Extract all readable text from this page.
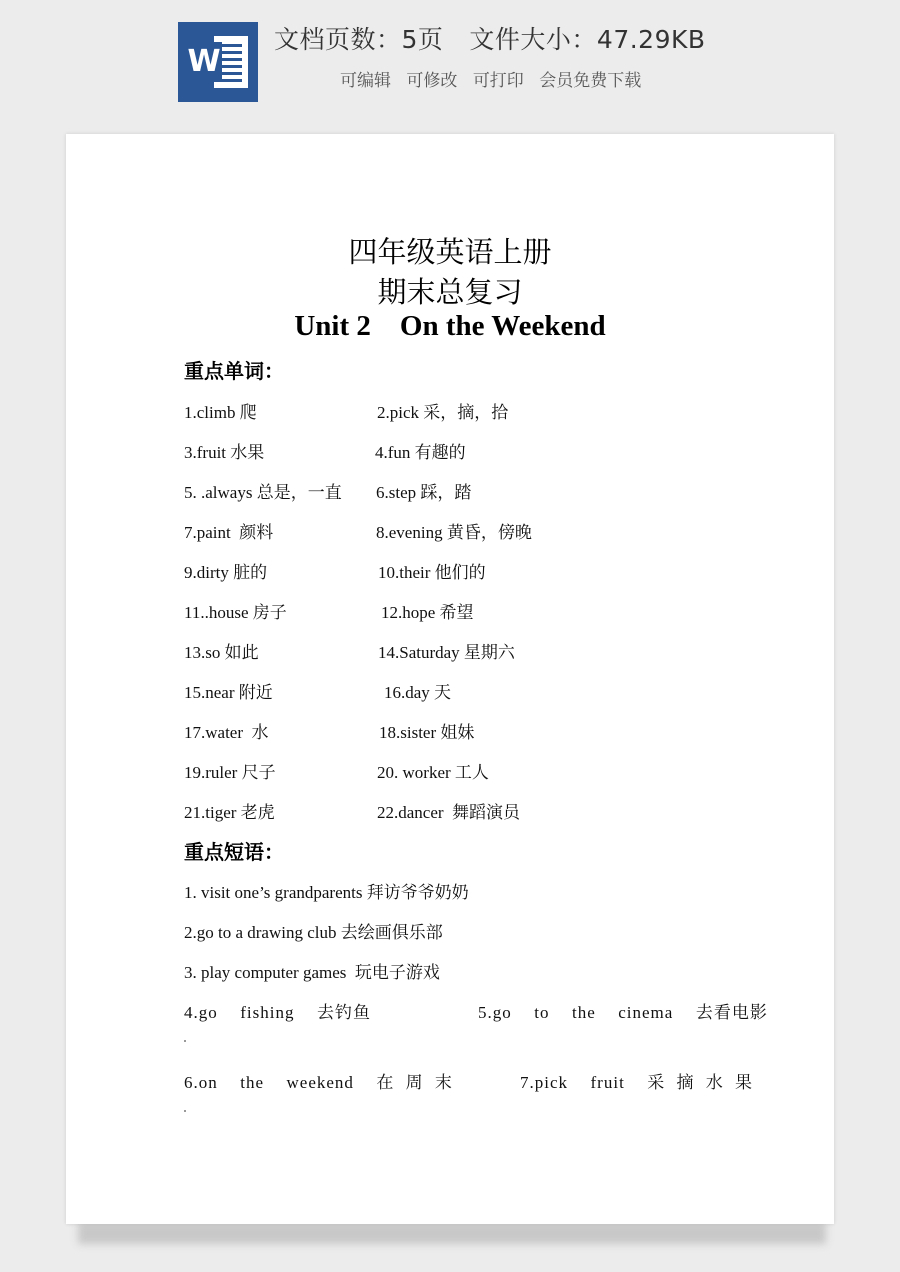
W
文档页数：5页 文件大小：47.29KB
可编辑 可修改 可打印 会员免费下载
四年级英语上册
期末总复习
Unit 2    On the Weekend
重点单词：
1.climb 爬	2.pick 采，摘，拾
3.fruit 水果	4.fun 有趣的
5. .always 总是，一直 6.step 踩，踏
7.paint  颜料	8.evening 黄昏，傍晚
9.dirty 脏的	10.their 他们的
11..house 房子	12.hope 希望
13.so 如此	14.Saturday 星期六
15.near 附近	16.day 天
17.water  水	18.sister 姐妹
19.ruler 尺子	20. worker 工人
21.tiger 老虎	22.dancer  舞蹈演员
重点短语：
1. visit one’s grandparents 拜访爷爷奶奶
2.go to a drawing club 去绘画俱乐部
3. play computer games  玩电子游戏
4.go  fishing  去钓鱼	5.go  to  the  cinema  去看电影
6.on  the  weekend  在 周 末	7.pick  fruit  采 摘 水 果
